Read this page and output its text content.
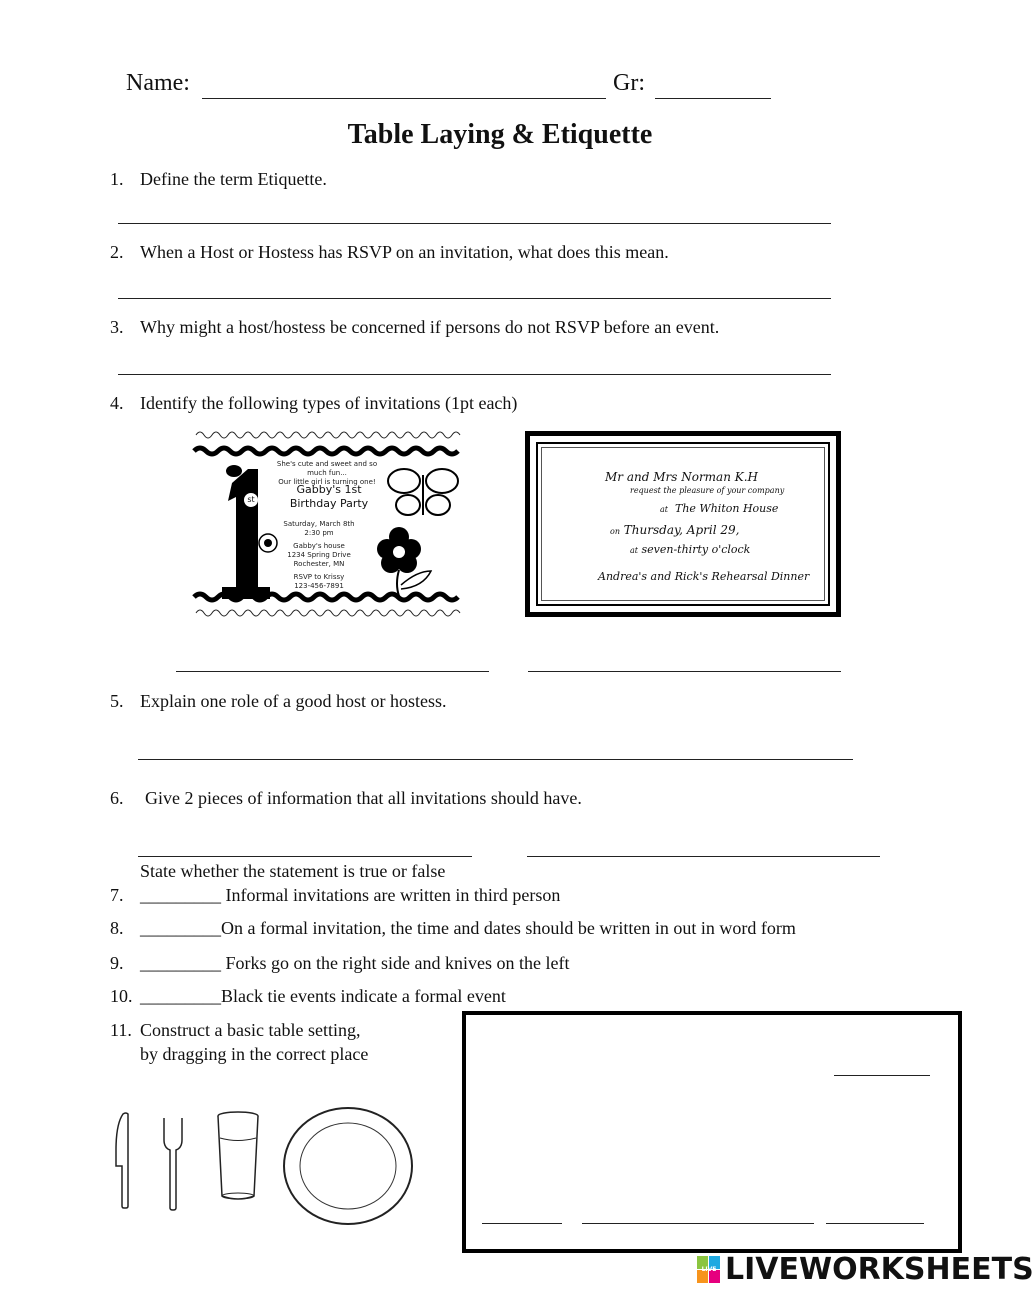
Name:	Gr:
Table Laying & Etiquette
1. Define the term Etiquette.
2. When a Host or Hostess has RSVP on an invitation, what does this mean.
3. Why might a host/hostess be concerned if persons do not RSVP before an event.
4. Identify the following types of invitations (1pt each)
st
She's cute and sweet and so much fun...
Our little girl is turning one!
Gabby's 1st
Birthday Party
Saturday, March 8th
2:30 pm
Gabby's house
1234 Spring Drive
Rochester, MN
RSVP to Krissy
123-456-7891
Mr and Mrs Norman K.H
request the pleasure of your company
at The Whiton House
on Thursday, April 29,
at seven-thirty o'clock
Andrea's and Rick's Rehearsal Dinner
5. Explain one role of a good host or hostess.
6. Give 2 pieces of information that all invitations should have.
State whether the statement is true or false
7. _________ Informal invitations are written in third person
8. _________On a formal invitation, the time and dates should be written in out in word form
9. _________ Forks go on the right side and knives on the left
10. _________Black tie events indicate a formal event
11. Construct a basic table setting,
by dragging in the correct place
LIVE LIVEWORKSHEETS
